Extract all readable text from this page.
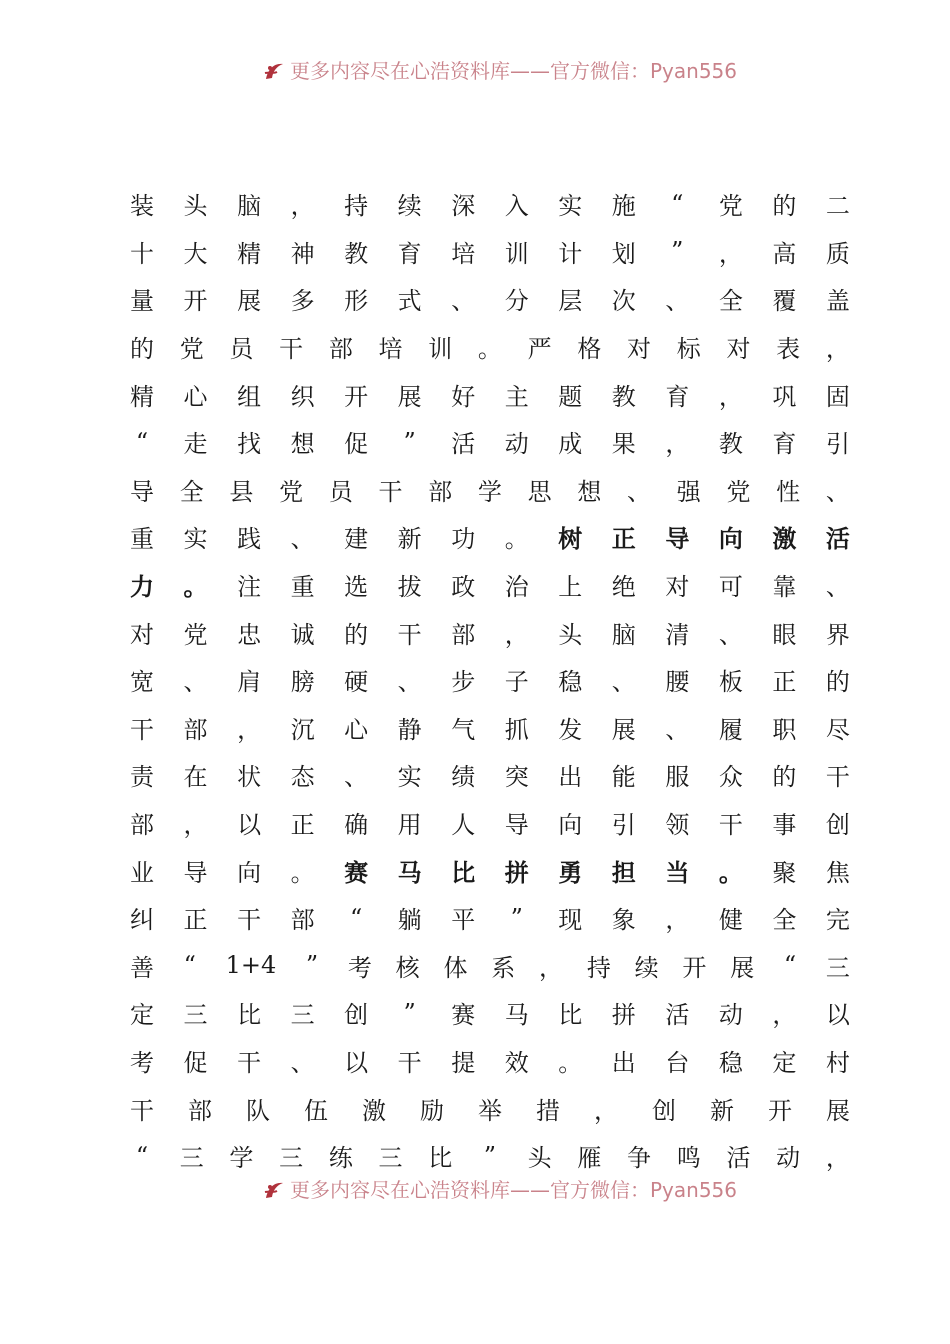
更多内容尽在心浩资料库——官方微信：Pyan556
装 头 脑 ， 持 续 深 入 实 施 “ 党 的 二
十 大 精 神 教 育 培 训 计 划 ” ， 高 质
量 开 展 多 形 式 、 分 层 次 、 全 覆 盖
的 党 员 干 部 培 训 。 严 格 对 标 对 表 ，
精 心 组 织 开 展 好 主 题 教 育 ， 巩 固
“ 走 找 想 促 ” 活 动 成 果 ， 教 育 引
导 全 县 党 员 干 部 学 思 想 、 强 党 性 、
重 实 践 、 建 新 功 。 树 正 导 向 激 活
力 。 注 重 选 拔 政 治 上 绝 对 可 靠 、
对 党 忠 诚 的 干 部 ， 头 脑 清 、 眼 界
宽 、 肩 膀 硬 、 步 子 稳 、 腰 板 正 的
干 部 ， 沉 心 静 气 抓 发 展 、 履 职 尽
责 在 状 态 、 实 绩 突 出 能 服 众 的 干
部 ， 以 正 确 用 人 导 向 引 领 干 事 创
业 导 向 。 赛 马 比 拼 勇 担 当 。 聚 焦
纠 正 干 部 “ 躺 平 ” 现 象 ， 健 全 完
善 “ 1+4 ” 考 核 体 系 ， 持 续 开 展 “ 三
定 三 比 三 创 ” 赛 马 比 拼 活 动 ， 以
考 促 干 、 以 干 提 效 。 出 台 稳 定 村
干 部 队 伍 激 励 举 措 ， 创 新 开 展
“ 三 学 三 练 三 比 ” 头 雁 争 鸣 活 动 ，
更多内容尽在心浩资料库——官方微信：Pyan556
